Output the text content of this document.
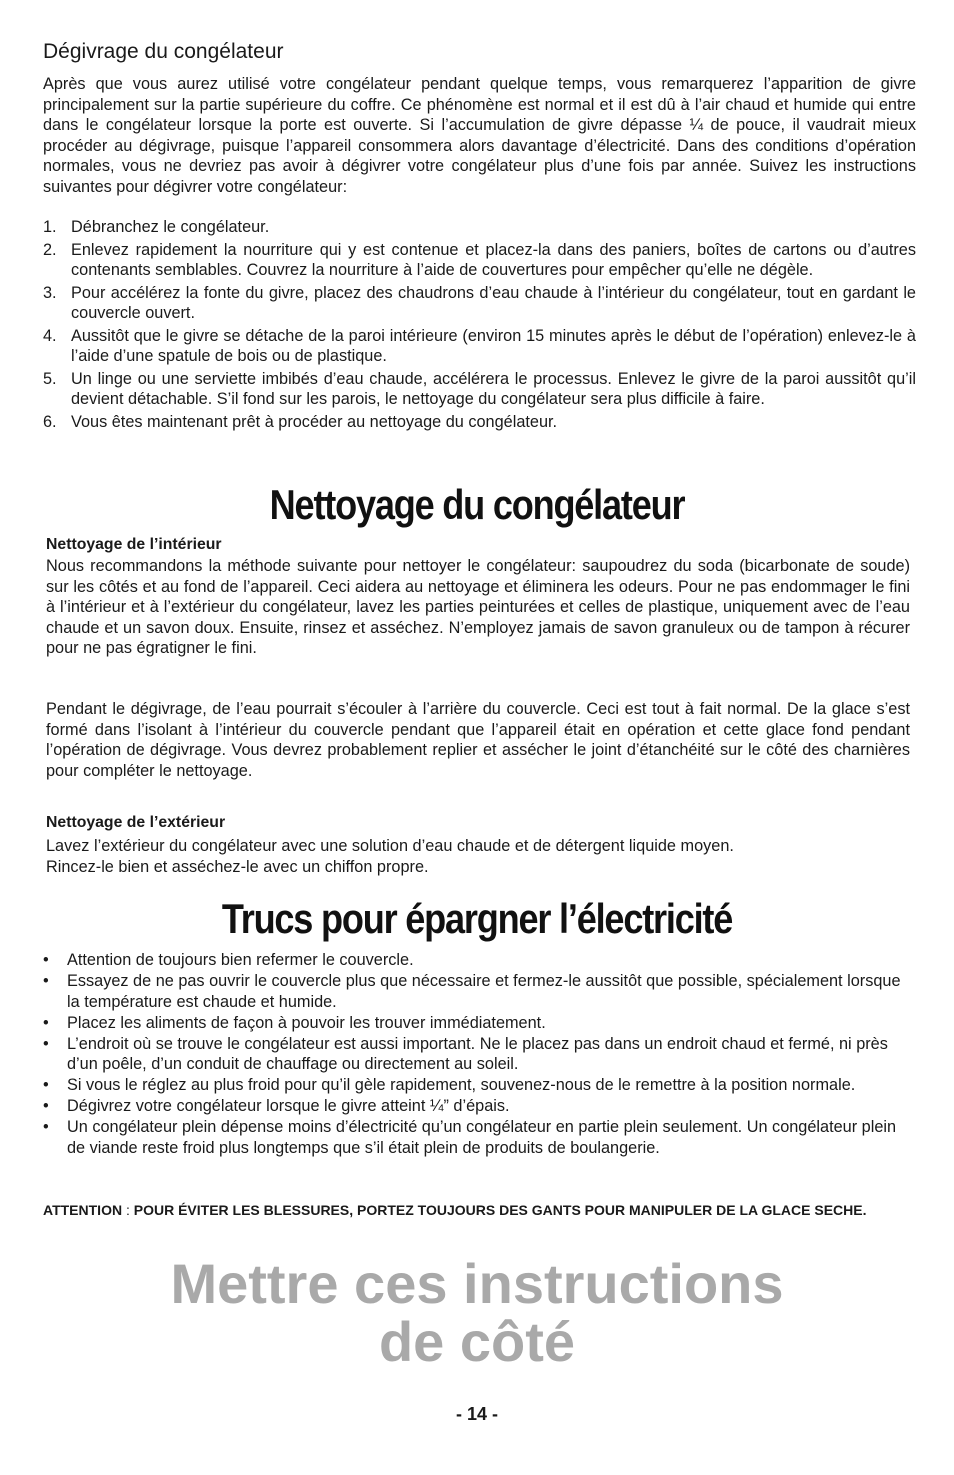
Dégivrage du congélateur

Après que vous aurez utilisé votre congélateur pendant quelque temps, vous remarquerez l’apparition de givre principalement sur la partie supérieure du coffre. Ce phénomène est normal et il est dû à l’air chaud et humide qui entre dans le congélateur lorsque la porte est ouverte. Si l’accumulation de givre dépasse ¼ de pouce, il vaudrait mieux procéder au dégivrage, puisque l’appareil consommera alors davantage d’électricité. Dans des conditions d’opération normales, vous ne devriez pas avoir à dégivrer votre congélateur plus d’une fois par année. Suivez les instructions suivantes pour dégivrer votre congélateur:

1. Débranchez le congélateur.
2. Enlevez rapidement la nourriture qui y est contenue et placez-la dans des paniers, boîtes de cartons ou d’autres contenants semblables. Couvrez la nourriture à l’aide de couvertures pour empêcher qu’elle ne dégèle.
3. Pour accélérez la fonte du givre, placez des chaudrons d’eau chaude à l’intérieur du congélateur, tout en gardant le couvercle ouvert.
4. Aussitôt que le givre se détache de la paroi intérieure (environ 15 minutes après le début de l’opération) enlevez-le à l’aide d’une spatule de bois ou de plastique.
5. Un linge ou une serviette imbibés d’eau chaude, accélérera le processus. Enlevez le givre de la paroi aussitôt qu’il devient détachable. S’il fond sur les parois, le nettoyage du congélateur sera plus difficile à faire.
6. Vous êtes maintenant prêt à procéder au nettoyage du congélateur.
Nettoyage du congélateur
Nettoyage de l’intérieur

Nous recommandons la méthode suivante pour nettoyer le congélateur: saupoudrez du soda (bicarbonate de soude) sur les côtés et au fond de l’appareil. Ceci aidera au nettoyage et éliminera les odeurs. Pour ne pas endommager le fini à l’intérieur et à l’extérieur du congélateur, lavez les parties peinturées et celles de plastique, uniquement avec de l’eau chaude et un savon doux. Ensuite, rinsez et asséchez. N’employez jamais de savon granuleux ou de tampon à récurer pour ne pas égratigner le fini.

Pendant le dégivrage, de l’eau pourrait s’écouler à l’arrière du couvercle. Ceci est tout à fait normal. De la glace s’est formé dans l’isolant à l’intérieur du couvercle pendant que l’appareil était en opération et cette glace fond pendant l’opération de dégivrage. Vous devrez probablement replier et assécher le joint d’étanchéité sur le côté des charnières pour compléter le nettoyage.

Nettoyage de l’extérieur
Lavez l’extérieur du congélateur avec une solution d’eau chaude et de détergent liquide moyen.
Rincez-le bien et asséchez-le avec un chiffon propre.
Trucs pour épargner l’électricité
•	Attention de toujours bien refermer le couvercle.
•	Essayez de ne pas ouvrir le couvercle plus que nécessaire et fermez-le aussitôt que possible, spécialement lorsque la température est chaude et humide.
•	Placez les aliments de façon à pouvoir les trouver immédiatement.
•	L’endroit où se trouve le congélateur est aussi important. Ne le placez pas dans un endroit chaud et fermé, ni près d’un poêle, d’un conduit de chauffage ou directement au soleil.
•	Si vous le réglez au plus froid pour qu’il gèle rapidement, souvenez-nous de le remettre à la position normale.
•	Dégivrez votre congélateur lorsque le givre atteint ¼” d’épais.
•	Un congélateur plein dépense moins d’électricité qu’un congélateur en partie plein seulement. Un congélateur plein de viande reste froid plus longtemps que s’il était plein de produits de boulangerie.

ATTENTION : POUR ÉVITER LES BLESSURES, PORTEZ TOUJOURS DES GANTS POUR MANIPULER DE LA GLACE SECHE.

Mettre ces instructions
de côté

- 14 -
